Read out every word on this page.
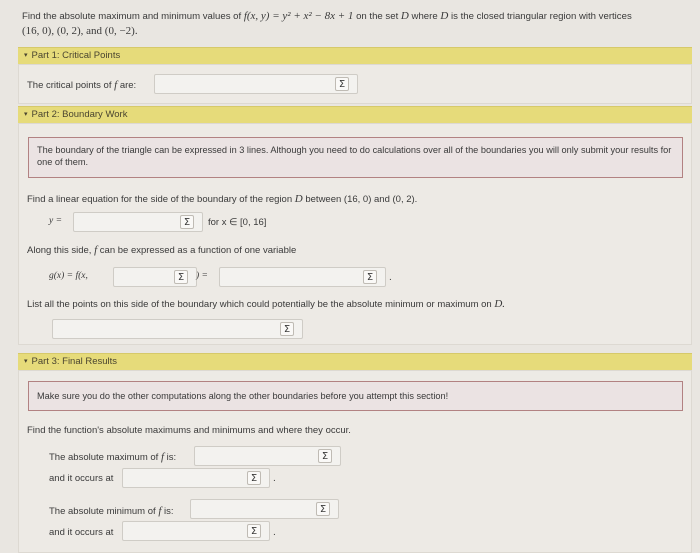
Find the absolute maximum and minimum values of f(x, y) = y² + x² − 8x + 1 on the set D where D is the closed triangular region with vertices
(16, 0), (0, 2), and (0, −2).
▾ Part 1: Critical Points
The critical points of f are:	Σ
▾ Part 2: Boundary Work
The boundary of the triangle can be expressed in 3 lines. Although you need to do calculations over all of the boundaries you will only submit your results for one of them.
Find a linear equation for the side of the boundary of the region D between (16, 0) and (0, 2).
y =	Σ	for x ∈ [0, 16]
Along this side, f can be expressed as a function of one variable
g(x) = f(x,	Σ	) =	Σ	.
List all the points on this side of the boundary which could potentially be the absolute minimum or maximum on D.
Σ
▾ Part 3: Final Results
Make sure you do the other computations along the other boundaries before you attempt this section!
Find the function's absolute maximums and minimums and where they occur.
The absolute maximum of f is:	Σ
and it occurs at	Σ	.
The absolute minimum of f is:	Σ
and it occurs at	Σ	.
